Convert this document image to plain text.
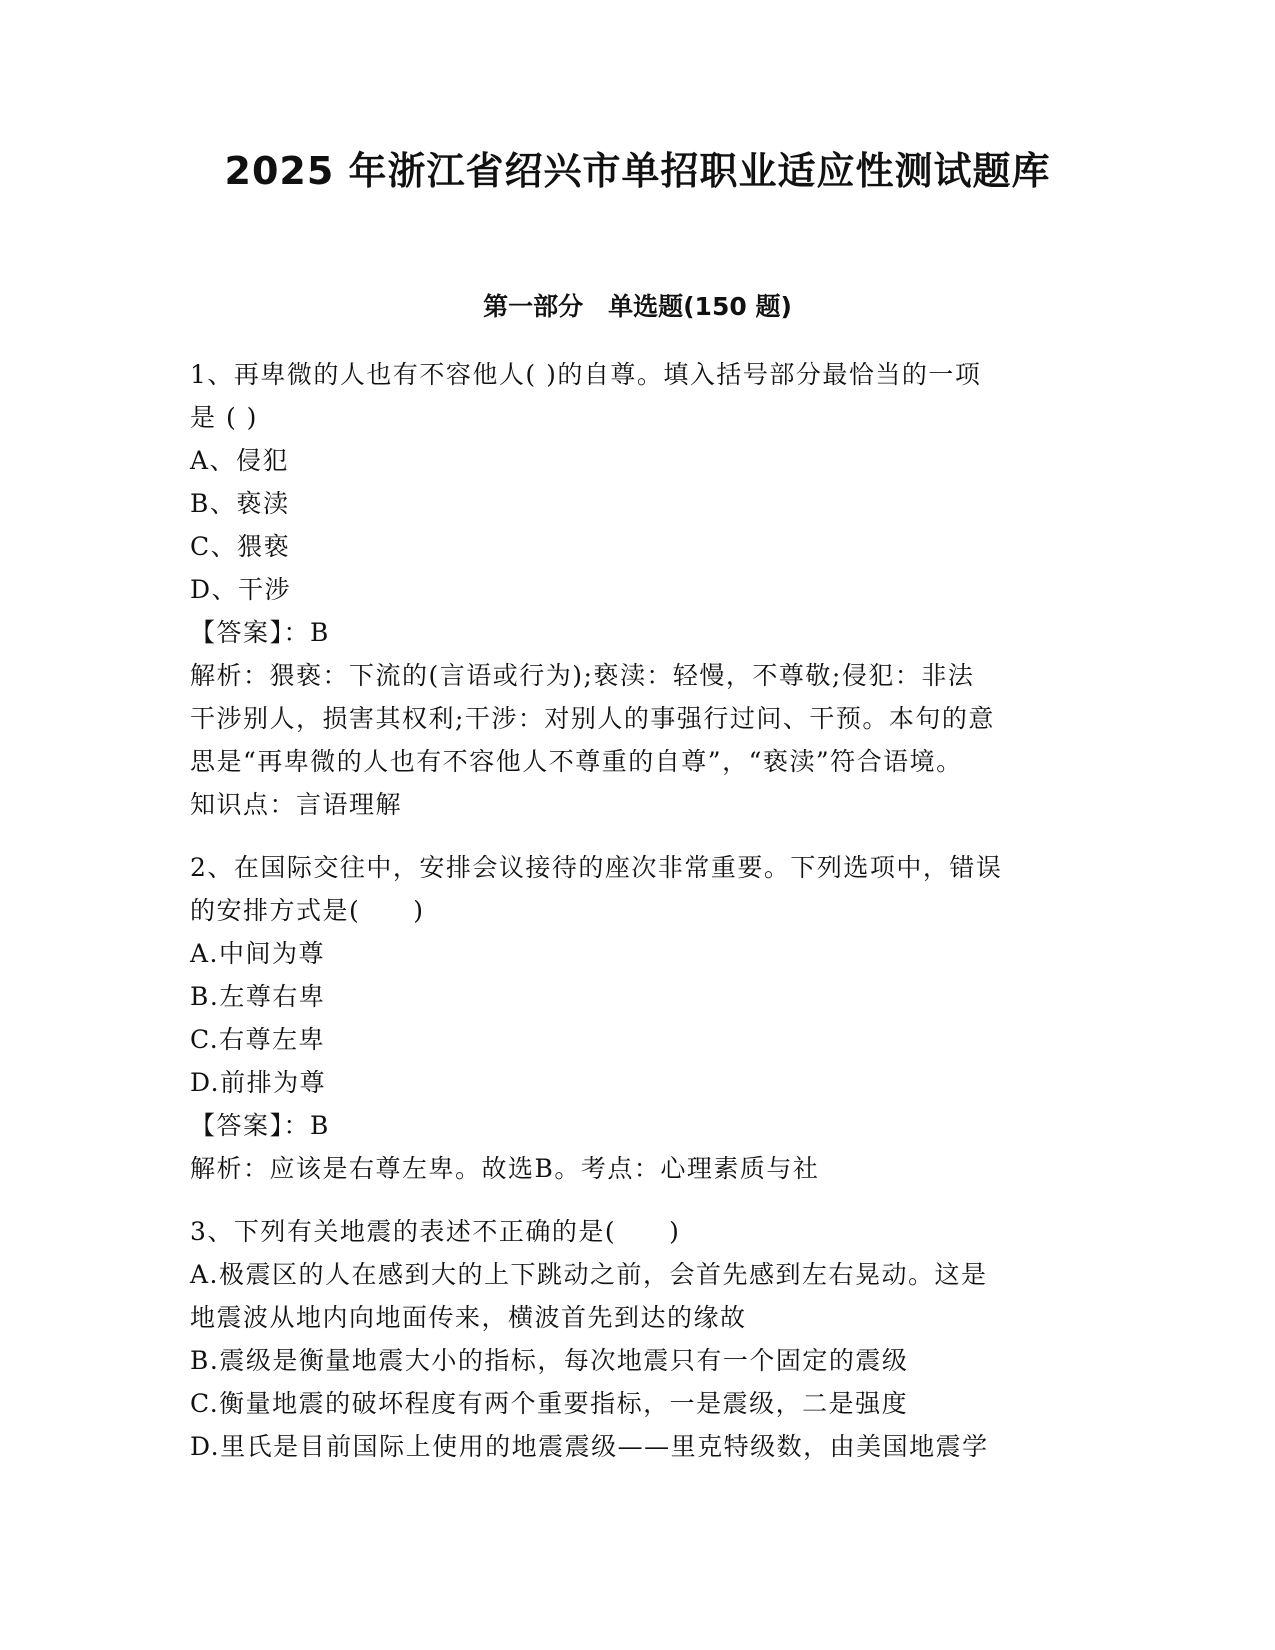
2025 年浙江省绍兴市单招职业适应性测试题库
第一部分　单选题(150 题)
1、再卑微的人也有不容他人( )的自尊。填入括号部分最恰当的一项
是 ( )
A、侵犯
B、亵渎
C、猥亵
D、干涉
【答案】：B
解析：猥亵：下流的(言语或行为);亵渎：轻慢，不尊敬;侵犯：非法
干涉别人，损害其权利;干涉：对别人的事强行过问、干预。本句的意
思是“再卑微的人也有不容他人不尊重的自尊”，“亵渎”符合语境。
知识点：言语理解
2、在国际交往中，安排会议接待的座次非常重要。下列选项中，错误
的安排方式是(　　)
A.中间为尊
B.左尊右卑
C.右尊左卑
D.前排为尊
【答案】：B
解析：应该是右尊左卑。故选B。考点：心理素质与社
3、下列有关地震的表述不正确的是(　　)
A.极震区的人在感到大的上下跳动之前，会首先感到左右晃动。这是
地震波从地内向地面传来，横波首先到达的缘故
B.震级是衡量地震大小的指标，每次地震只有一个固定的震级
C.衡量地震的破坏程度有两个重要指标，一是震级，二是强度
D.里氏是目前国际上使用的地震震级——里克特级数，由美国地震学
